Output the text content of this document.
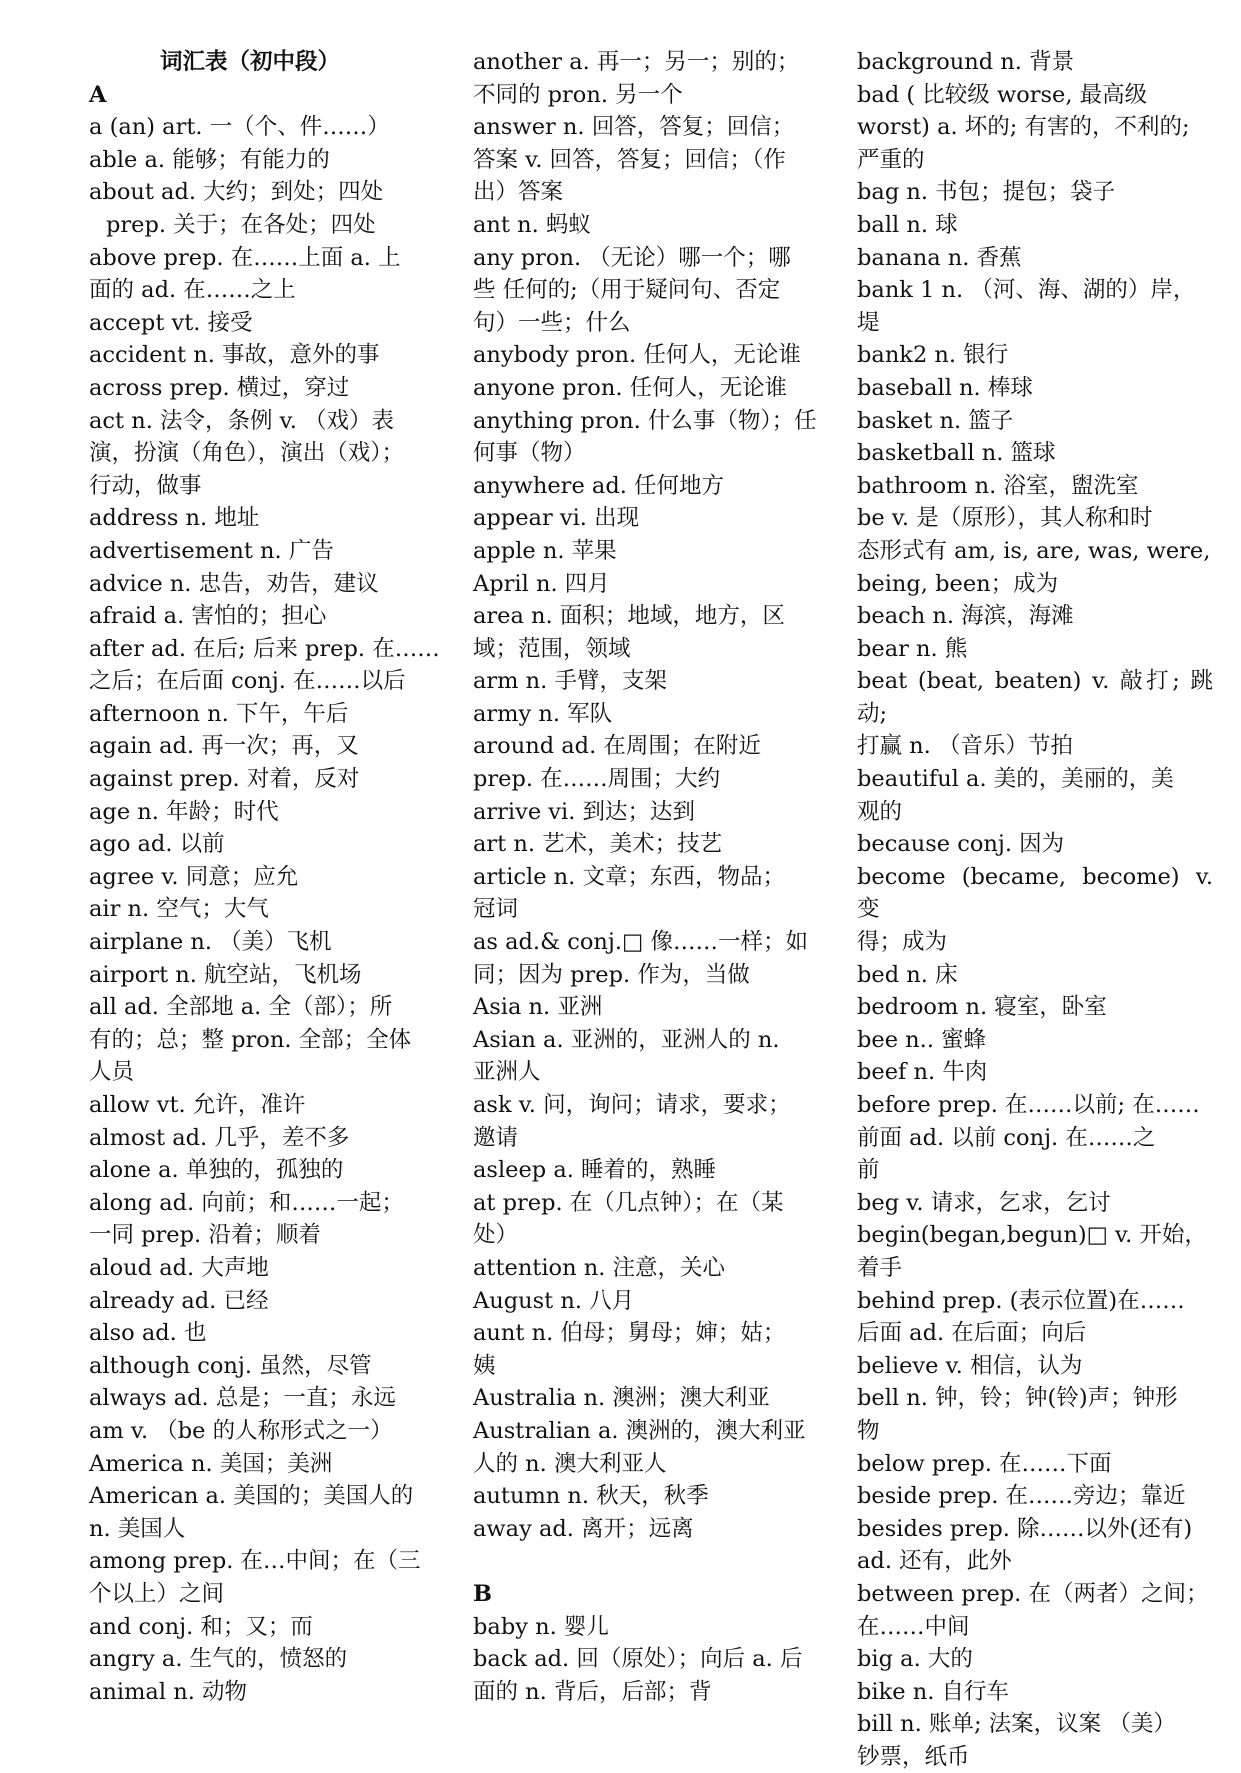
词汇表（初中段）
A
a (an) art. 一（个、件……）
able a. 能够；有能力的
about ad. 大约；到处；四处
prep. 关于；在各处；四处
above prep. 在……上面 a. 上
面的 ad. 在……之上
accept vt. 接受
accident n. 事故，意外的事
across prep. 横过，穿过
act n. 法令，条例 v. （戏）表
演，扮演（角色），演出（戏）；
行动，做事
address n. 地址
advertisement n. 广告
advice n. 忠告，劝告，建议
afraid a. 害怕的；担心
after ad. 在后; 后来 prep. 在……
之后；在后面 conj. 在……以后
afternoon n. 下午，午后
again ad. 再一次；再，又
against prep. 对着，反对
age n. 年龄；时代
ago ad. 以前
agree v. 同意；应允
air n. 空气；大气
airplane n. （美）飞机
airport n. 航空站，飞机场
all ad. 全部地 a. 全（部）；所
有的；总；整 pron. 全部；全体
人员
allow vt. 允许，准许
almost ad. 几乎，差不多
alone a. 单独的，孤独的
along ad. 向前；和……一起；
一同 prep. 沿着；顺着
aloud ad. 大声地
already ad. 已经
also ad. 也
although conj. 虽然，尽管
always ad. 总是；一直；永远
am v. （be 的人称形式之一）
America n. 美国；美洲
American a. 美国的；美国人的
n. 美国人
among prep. 在…中间；在（三
个以上）之间
and conj. 和；又；而
angry a. 生气的，愤怒的
animal n. 动物
another a. 再一；另一；别的；
不同的 pron. 另一个
answer n. 回答，答复；回信；
答案 v. 回答，答复；回信；（作
出）答案
ant n. 蚂蚁
any pron. （无论）哪一个；哪
些 任何的;（用于疑问句、否定
句）一些；什么
anybody pron. 任何人，无论谁
anyone pron. 任何人，无论谁
anything pron. 什么事（物）；任
何事（物）
anywhere ad. 任何地方
appear vi. 出现
apple n. 苹果
April n. 四月
area n. 面积；地域，地方，区
域；范围，领域
arm n. 手臂，支架
army n. 军队
around ad. 在周围；在附近
prep. 在……周围；大约
arrive vi. 到达；达到
art n. 艺术，美术；技艺
article n. 文章；东西，物品；
冠词
as ad.& conj.□ 像……一样；如
同；因为 prep. 作为，当做
Asia n. 亚洲
Asian a. 亚洲的，亚洲人的 n.
亚洲人
ask v. 问，询问；请求，要求；
邀请
asleep a. 睡着的，熟睡
at prep. 在（几点钟）；在（某
处）
attention n. 注意，关心
August n. 八月
aunt n. 伯母；舅母；婶；姑；
姨
Australia n. 澳洲；澳大利亚
Australian a. 澳洲的，澳大利亚
人的 n. 澳大利亚人
autumn n. 秋天，秋季
away ad. 离开；远离
B
baby n. 婴儿
back ad. 回（原处）；向后 a. 后
面的 n. 背后，后部；背
background n. 背景
bad ( 比较级 worse, 最高级
worst) a. 坏的; 有害的，不利的;
严重的
bag n. 书包；提包；袋子
ball n. 球
banana n. 香蕉
bank 1 n. （河、海、湖的）岸，
堤
bank2 n. 银行
baseball n. 棒球
basket n. 篮子
basketball n. 篮球
bathroom n. 浴室，盥洗室
be v. 是（原形），其人称和时
态形式有 am, is, are, was, were,
being, been；成为
beach n. 海滨，海滩
bear n. 熊
beat (beat, beaten) v. 敲打; 跳动;
打赢 n. （音乐）节拍
beautiful a. 美的，美丽的，美
观的
because conj. 因为
become (became, become) v. 变
得；成为
bed n. 床
bedroom n. 寝室，卧室
bee n.. 蜜蜂
beef n. 牛肉
before prep. 在……以前; 在……
前面 ad. 以前 conj. 在……之
前
beg v. 请求，乞求，乞讨
begin(began,begun)□ v. 开始，
着手
behind prep. (表示位置)在……
后面 ad. 在后面；向后
believe v. 相信，认为
bell n. 钟，铃；钟(铃)声；钟形
物
below prep. 在……下面
beside prep. 在……旁边；靠近
besides prep. 除……以外(还有)
ad. 还有，此外
between prep. 在（两者）之间；
在……中间
big a. 大的
bike n. 自行车
bill n. 账单; 法案，议案 （美）
钞票，纸币
